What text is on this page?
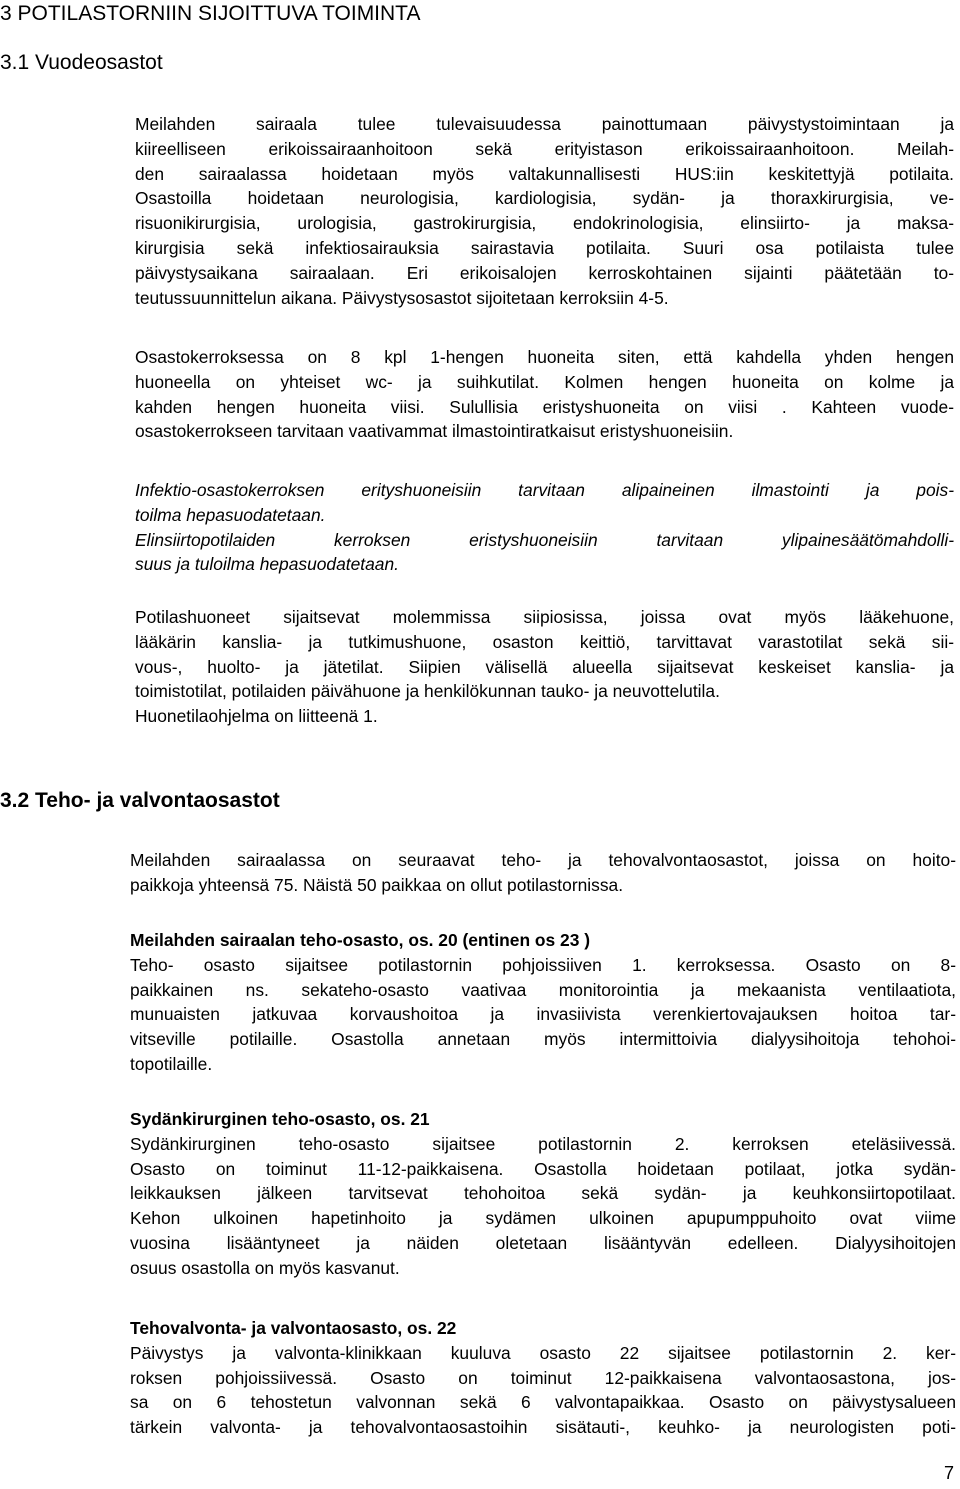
3 POTILASTORNIIN SIJOITTUVA TOIMINTA
3.1 Vuodeosastot
Meilahden sairaala tulee tulevaisuudessa painottumaan päivystystoimintaan ja
kiireelliseen erikoissairaanhoitoon sekä erityistason erikoissairaanhoitoon. Meilah-
den sairaalassa hoidetaan myös valtakunnallisesti HUS:iin keskitettyjä potilaita.
Osastoilla hoidetaan neurologisia, kardiologisia, sydän- ja thoraxkirurgisia, ve-
risuonikirurgisia, urologisia, gastrokirurgisia, endokrinologisia, elinsiirto- ja maksa-
kirurgisia sekä infektiosairauksia sairastavia potilaita. Suuri osa potilaista tulee
päivystysaikana sairaalaan. Eri erikoisalojen kerroskohtainen sijainti päätetään to-
teutussuunnittelun aikana. Päivystysosastot sijoitetaan kerroksiin 4-5.
Osastokerroksessa on 8 kpl 1-hengen huoneita siten, että kahdella yhden hengen
huoneella on yhteiset wc- ja suihkutilat. Kolmen hengen huoneita on kolme ja
kahden hengen huoneita viisi. Sulullisia eristyshuoneita on viisi . Kahteen vuode-
osastokerrokseen tarvitaan vaativammat ilmastointiratkaisut eristyshuoneisiin.
Infektio-osastokerroksen erityshuoneisiin tarvitaan alipaineinen ilmastointi ja pois-
toilma hepasuodatetaan.
Elinsiirtopotilaiden kerroksen eristyshuoneisiin tarvitaan ylipainesäätömahdolli-
suus ja tuloilma hepasuodatetaan.
Potilashuoneet sijaitsevat molemmissa siipiosissa, joissa ovat myös lääkehuone,
lääkärin kanslia- ja tutkimushuone, osaston keittiö, tarvittavat varastotilat sekä sii-
vous-, huolto- ja jätetilat. Siipien välisellä alueella sijaitsevat keskeiset kanslia- ja
toimistotilat, potilaiden päivähuone ja henkilökunnan tauko- ja neuvottelutila.
Huonetilaohjelma on liitteenä 1.
3.2 Teho- ja valvontaosastot
Meilahden sairaalassa on seuraavat teho- ja tehovalvontaosastot, joissa on hoito-
paikkoja yhteensä 75. Näistä 50 paikkaa on ollut potilastornissa.
Meilahden sairaalan teho-osasto, os. 20 (entinen os 23 )
Teho- osasto sijaitsee potilastornin pohjoissiiven 1. kerroksessa. Osasto on 8-
paikkainen ns. sekateho-osasto vaativaa monitorointia ja mekaanista ventilaatiota,
munuaisten jatkuvaa korvaushoitoa ja invasiivista verenkiertovajauksen hoitoa tar-
vitseville potilaille. Osastolla annetaan myös intermittoivia dialyysihoitoja tehohoi-
topotilaille.
Sydänkirurginen teho-osasto, os. 21
Sydänkirurginen teho-osasto sijaitsee potilastornin 2. kerroksen eteläsiivessä.
Osasto on toiminut 11-12-paikkaisena. Osastolla hoidetaan potilaat, jotka sydän-
leikkauksen jälkeen tarvitsevat tehohoitoa sekä sydän- ja keuhkonsiirtopotilaat.
Kehon ulkoinen hapetinhoito ja sydämen ulkoinen apupumppuhoito ovat viime
vuosina lisääntyneet ja näiden oletetaan lisääntyvän edelleen. Dialyysihoitojen
osuus osastolla on myös kasvanut.
Tehovalvonta- ja valvontaosasto, os. 22
Päivystys ja valvonta-klinikkaan kuuluva osasto 22 sijaitsee potilastornin 2. ker-
roksen pohjoissiivessä. Osasto on toiminut 12-paikkaisena valvontaosastona, jos-
sa on 6 tehostetun valvonnan sekä 6 valvontapaikkaa. Osasto on päivystysalueen
tärkein valvonta- ja tehovalvontaosastoihin sisätauti-, keuhko- ja neurologisten poti-
7
